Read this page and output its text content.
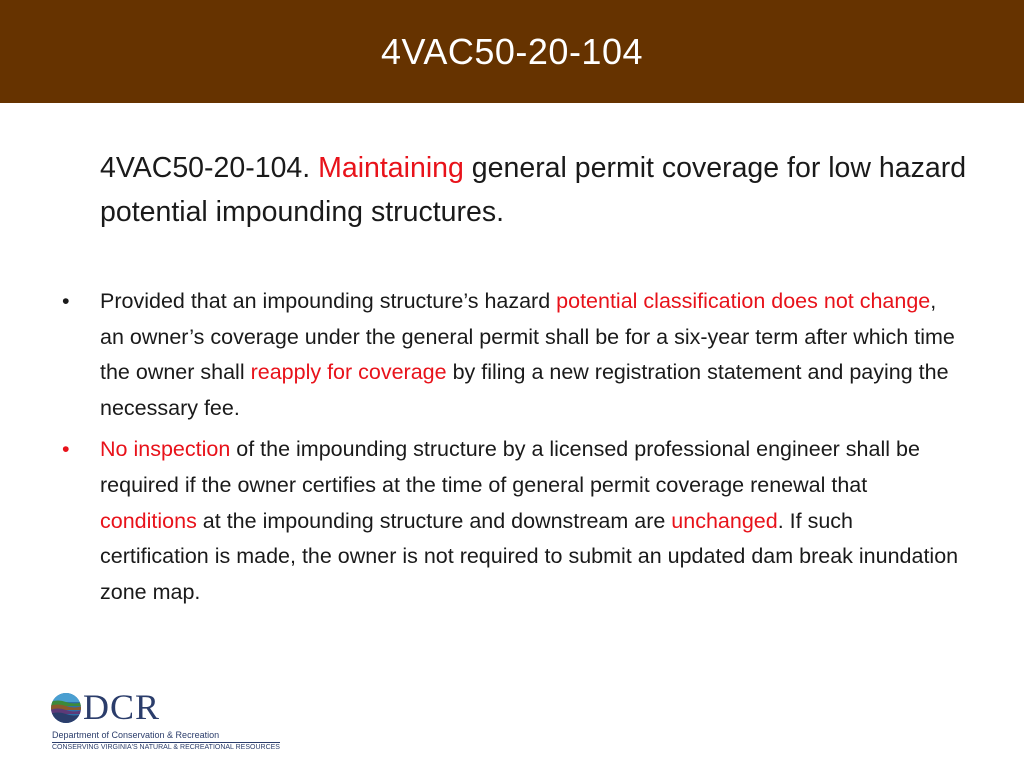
4VAC50-20-104
4VAC50-20-104. Maintaining general permit coverage for low hazard potential impounding structures.
•	Provided that an impounding structure’s hazard potential classification does not change, an owner’s coverage under the general permit shall be for a six-year term after which time the owner shall reapply for coverage by filing a new registration statement and paying the necessary fee.
•	No inspection of the impounding structure by a licensed professional engineer shall be required if the owner certifies at the time of general permit coverage renewal that conditions at the impounding structure and downstream are unchanged. If such certification is made, the owner is not required to submit an updated dam break inundation zone map.
DCR
Department of Conservation & Recreation
CONSERVING VIRGINIA'S NATURAL & RECREATIONAL RESOURCES
